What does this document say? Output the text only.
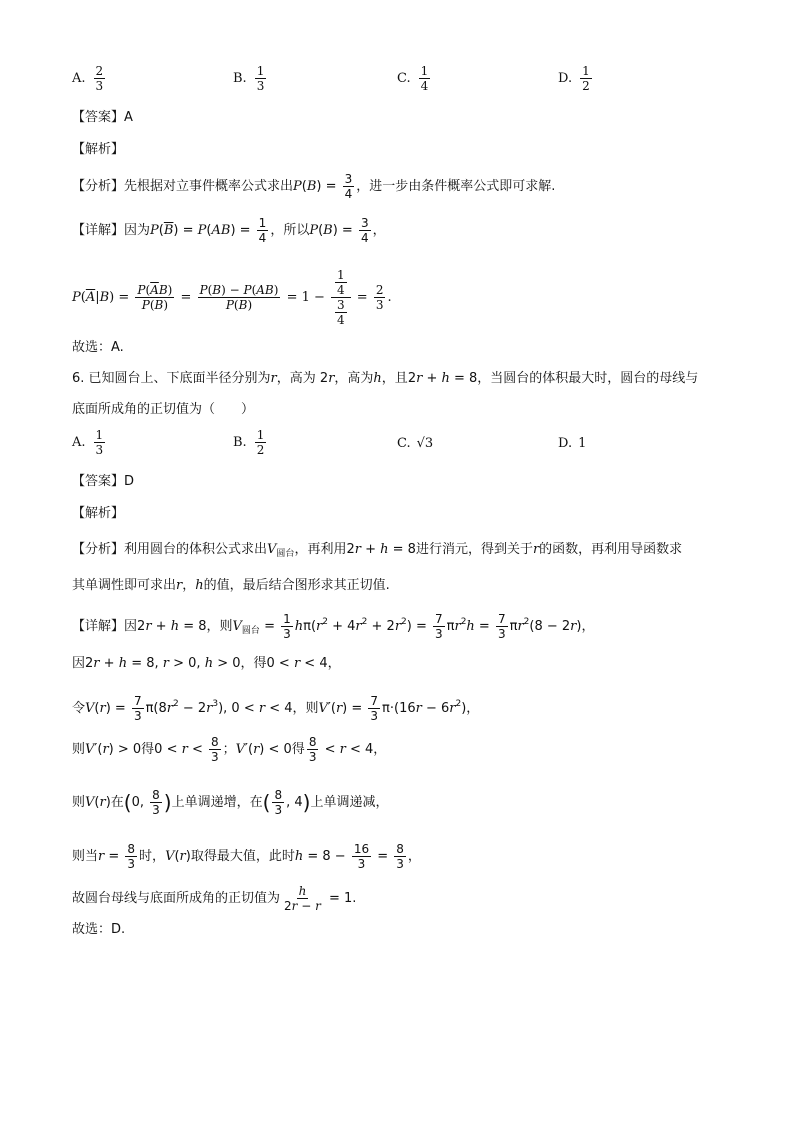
A. $\frac{2}{3}$	B. $\frac{1}{3}$	C. $\frac{1}{4}$	D. $\frac{1}{2}$
【答案】A
【解析】
【分析】先根据对立事件概率公式求出$P(B) = \frac{3}{4}$ ，进一步由条件概率公式即可求解.
【详解】因为$P(\overline{B}) = P(AB) = \frac{1}{4}$ ，所以$P(B) = \frac{3}{4}$ ，
$P(\overline{A}|B) = \frac{P(\overline{A}B)}{P(B)} = \frac{P(B) - P(AB)}{P(B)} = 1 - \frac{\frac{1}{4}}{\frac{3}{4}} = \frac{2}{3}$ .
故选：A.
6. 已知圆台上、下底面半径分别为r，高为 2r，高为h，且2r + h = 8，当圆台的体积最大时，圆台的母线与
底面所成角的正切值为（　　）
A. $\frac{1}{3}$	B. $\frac{1}{2}$	C. √3	D. 1
【答案】D
【解析】
【分析】利用圆台的体积公式求出$V_{圆台}$，再利用2r + h = 8进行消元，得到关于r的函数，再利用导函数求
其单调性即可求出r，h的值，最后结合图形求其正切值.
【详解】因2r + h = 8，则$V_{圆台} = \frac{1}{3} h\pi(r^2 + 4r^2 + 2r^2) = \frac{7}{3} \pi r^2h = \frac{7}{3} \pi r^2(8 - 2r)$，
因2r + h = 8, r > 0, h > 0，得0 < r < 4，
令$V(r) = \frac{7}{3} \pi(8r^2 - 2r^3)$, 0 < r < 4，则$V'(r) = \frac{7}{3} \pi\cdot(16r - 6r^2)$，
则V′(r) > 0得$0 < r < \frac{8}{3}$ ；V′(r) < 0得 $\frac{8}{3} < r < 4$，
则V(r)在(0, $\frac{8}{3}$ )上单调递增，在( $\frac{8}{3}$ , 4)上单调递减，
则当$r = \frac{8}{3}$ 时，V(r)取得最大值，此时$h = 8 - \frac{16}{3} = \frac{8}{3}$ ，
故圆台母线与底面所成角的正切值为 $\frac{h}{2r - r} = 1$.
故选：D.
